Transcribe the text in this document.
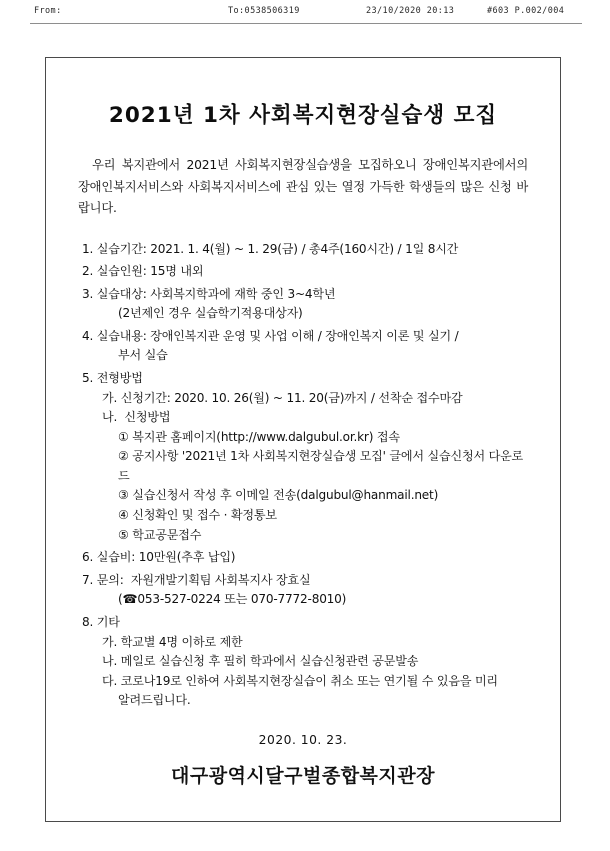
From:	To:0538506319	23/10/2020 20:13	#603 P.002/004
2021년 1차 사회복지현장실습생 모집
우리 복지관에서 2021년 사회복지현장실습생을 모집하오니 장애인복지관에서의 장애인복지서비스와 사회복지서비스에 관심 있는 열정 가득한 학생들의 많은 신청 바랍니다.
1. 실습기간: 2021. 1. 4(월) ~ 1. 29(금) / 총4주(160시간) / 1일 8시간
2. 실습인원: 15명 내외
3. 실습대상: 사회복지학과에 재학 중인 3~4학년
(2년제인 경우 실습학기적용대상자)
4. 실습내용: 장애인복지관 운영 및 사업 이해 / 장애인복지 이론 및 실기 /
부서 실습
5. 전형방법
가. 신청기간: 2020. 10. 26(월) ~ 11. 20(금)까지 / 선착순 접수마감
나.  신청방법
① 복지관 홈페이지(http://www.dalgubul.or.kr) 접속
② 공지사항 '2021년 1차 사회복지현장실습생 모집' 글에서 실습신청서 다운로드
③ 실습신청서 작성 후 이메일 전송(dalgubul@hanmail.net)
④ 신청확인 및 접수 · 확정통보
⑤ 학교공문접수
6. 실습비: 10만원(추후 납입)
7. 문의:  자원개발기획팀 사회복지사 장효실
(☎053-527-0224 또는 070-7772-8010)
8. 기타
가. 학교별 4명 이하로 제한
나. 메일로 실습신청 후 필히 학과에서 실습신청관련 공문발송
다. 코로나19로 인하여 사회복지현장실습이 취소 또는 연기될 수 있음을 미리
알려드립니다.
2020. 10. 23.
대구광역시달구벌종합복지관장
